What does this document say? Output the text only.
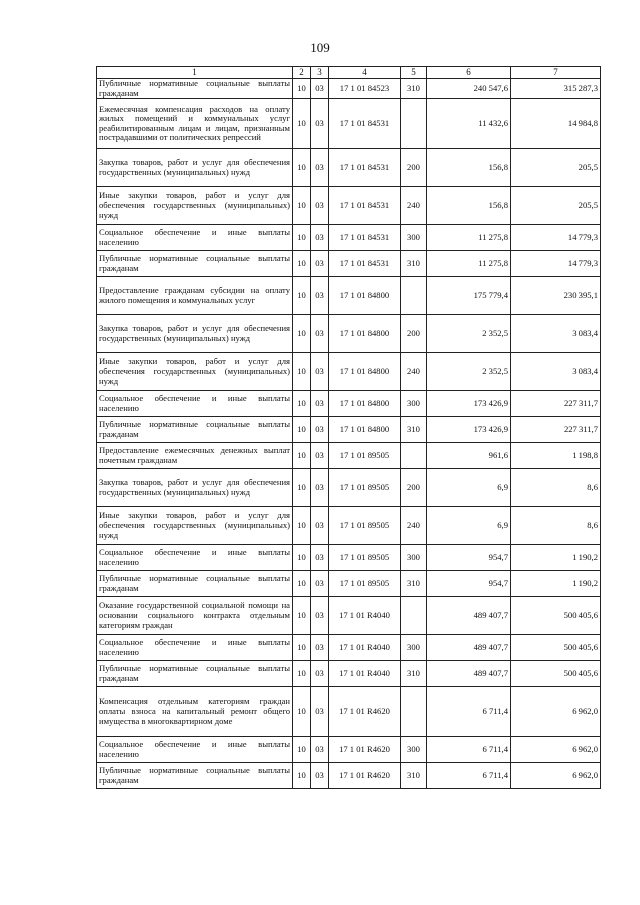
109
1	2	3	4	5	6	7
Публичные нормативные социальные выплаты гражданам	10	03	17 1 01 84523	310	240 547,6	315 287,3
Ежемесячная компенсация расходов на оплату жилых помещений и коммунальных услуг реабилитированным лицам и лицам, признанным пострадавшими от политических репрессий	10	03	17 1 01 84531		11 432,6	14 984,8
Закупка товаров, работ и услуг для обеспечения государственных (муниципальных) нужд	10	03	17 1 01 84531	200	156,8	205,5
Иные закупки товаров, работ и услуг для обеспечения государственных (муниципальных) нужд	10	03	17 1 01 84531	240	156,8	205,5
Социальное обеспечение и иные выплаты населению	10	03	17 1 01 84531	300	11 275,8	14 779,3
Публичные нормативные социальные выплаты гражданам	10	03	17 1 01 84531	310	11 275,8	14 779,3
Предоставление гражданам субсидии на оплату жилого помещения и коммунальных услуг	10	03	17 1 01 84800		175 779,4	230 395,1
Закупка товаров, работ и услуг для обеспечения государственных (муниципальных) нужд	10	03	17 1 01 84800	200	2 352,5	3 083,4
Иные закупки товаров, работ и услуг для обеспечения государственных (муниципальных) нужд	10	03	17 1 01 84800	240	2 352,5	3 083,4
Социальное обеспечение и иные выплаты населению	10	03	17 1 01 84800	300	173 426,9	227 311,7
Публичные нормативные социальные выплаты гражданам	10	03	17 1 01 84800	310	173 426,9	227 311,7
Предоставление ежемесячных денежных выплат почетным гражданам	10	03	17 1 01 89505		961,6	1 198,8
Закупка товаров, работ и услуг для обеспечения государственных (муниципальных) нужд	10	03	17 1 01 89505	200	6,9	8,6
Иные закупки товаров, работ и услуг для обеспечения государственных (муниципальных) нужд	10	03	17 1 01 89505	240	6,9	8,6
Социальное обеспечение и иные выплаты населению	10	03	17 1 01 89505	300	954,7	1 190,2
Публичные нормативные социальные выплаты гражданам	10	03	17 1 01 89505	310	954,7	1 190,2
Оказание государственной социальной помощи на основании социального контракта отдельным категориям граждан	10	03	17 1 01 R4040		489 407,7	500 405,6
Социальное обеспечение и иные выплаты населению	10	03	17 1 01 R4040	300	489 407,7	500 405,6
Публичные нормативные социальные выплаты гражданам	10	03	17 1 01 R4040	310	489 407,7	500 405,6
Компенсация отдельным категориям граждан оплаты взноса на капитальный ремонт общего имущества в многоквартирном доме	10	03	17 1 01 R4620		6 711,4	6 962,0
Социальное обеспечение и иные выплаты населению	10	03	17 1 01 R4620	300	6 711,4	6 962,0
Публичные нормативные социальные выплаты гражданам	10	03	17 1 01 R4620	310	6 711,4	6 962,0
